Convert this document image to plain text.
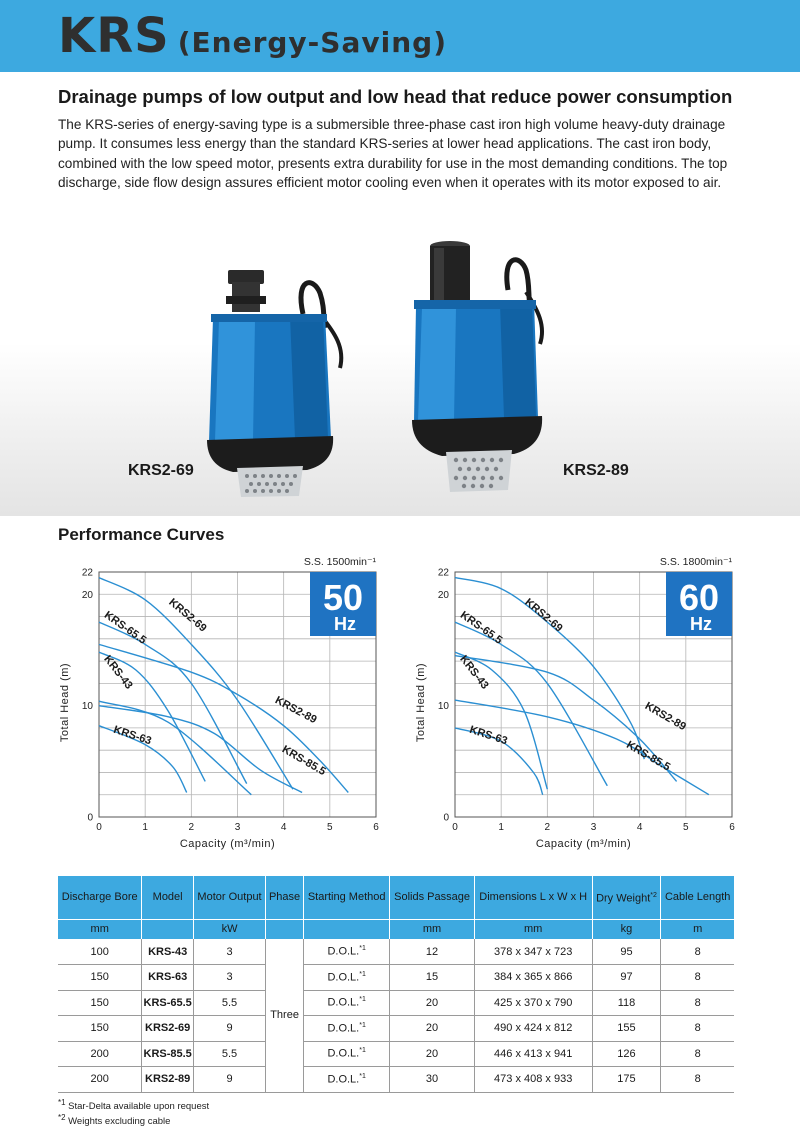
KRS (Energy-Saving)
Drainage pumps of low output and low head that reduce power consumption

The KRS-series of energy-saving type is a submersible three-phase cast iron high volume heavy-duty drainage pump. It consumes less energy than the standard KRS-series at lower head applications. The cast iron body, combined with the low speed motor, presents extra durability for use in the most demanding conditions. The top discharge, side flow design assures efficient motor cooling even when it operates with its motor exposed to air.

KRS2-69	KRS2-89
Performance Curves
0	1	2	3	4	5	6
0
10
20
22
Capacity (m³/min)
Total Head (m)
S.S. 1500min⁻¹
KRS-65.5 KRS2-69
KRS-43
KRS-63
KRS2-89
KRS-85.5
50
Hz
0	1	2	3	4	5	6
0
10
20
22
Capacity (m³/min)
Total Head (m)
S.S. 1800min⁻¹
KRS-65.5 KRS2-69
KRS-43
KRS-63
KRS2-89
KRS-85.5
60
Hz
Discharge Bore	Model	Motor Output	Phase	Starting Method	Solids Passage	Dimensions L x W x H	Dry Weight$^{*2}$	Cable Length
mm		kW			mm	mm	kg	m
100	KRS-43	3	Three	D.O.L.$^{*1}$	12	378 x 347 x 723	95	8
150	KRS-63	3		D.O.L.$^{*1}$	15	384 x 365 x 866	97	8
150	KRS-65.5	5.5		D.O.L.$^{*1}$	20	425 x 370 x 790	118	8
150	KRS2-69	9		D.O.L.$^{*1}$	20	490 x 424 x 812	155	8
200	KRS-85.5	5.5		D.O.L.$^{*1}$	20	446 x 413 x 941	126	8
200	KRS2-89	9		D.O.L.$^{*1}$	30	473 x 408 x 933	175	8
$^{*1}$ Star-Delta available upon request
$^{*2}$ Weights excluding cable
